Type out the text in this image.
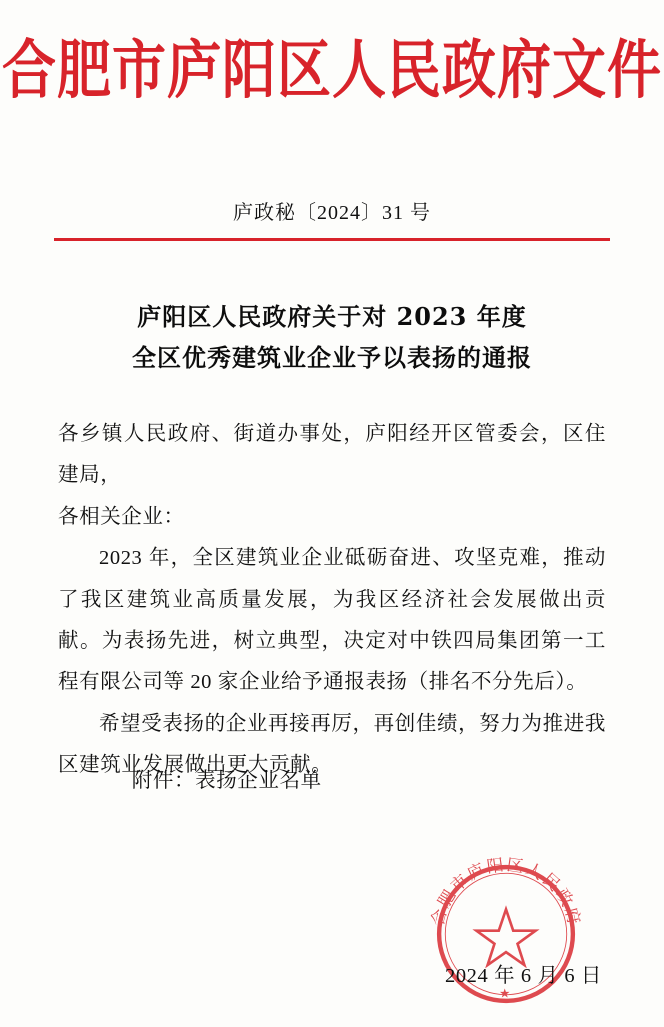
合肥市庐阳区人民政府文件
庐政秘〔2024〕31 号
庐阳区人民政府关于对 2023 年度
全区优秀建筑业企业予以表扬的通报

各乡镇人民政府、街道办事处，庐阳经开区管委会，区住建局，

各相关企业：

2023 年，全区建筑业企业砥砺奋进、攻坚克难，推动了我区建筑业高质量发展，为我区经济社会发展做出贡献。为表扬先进，树立典型，决定对中铁四局集团第一工程有限公司等 20 家企业给予通报表扬（排名不分先后）。

希望受表扬的企业再接再厉，再创佳绩，努力为推进我区建筑业发展做出更大贡献。

附件：表扬企业名单
合肥市庐阳区人民政府
★
2024 年 6 月 6 日
